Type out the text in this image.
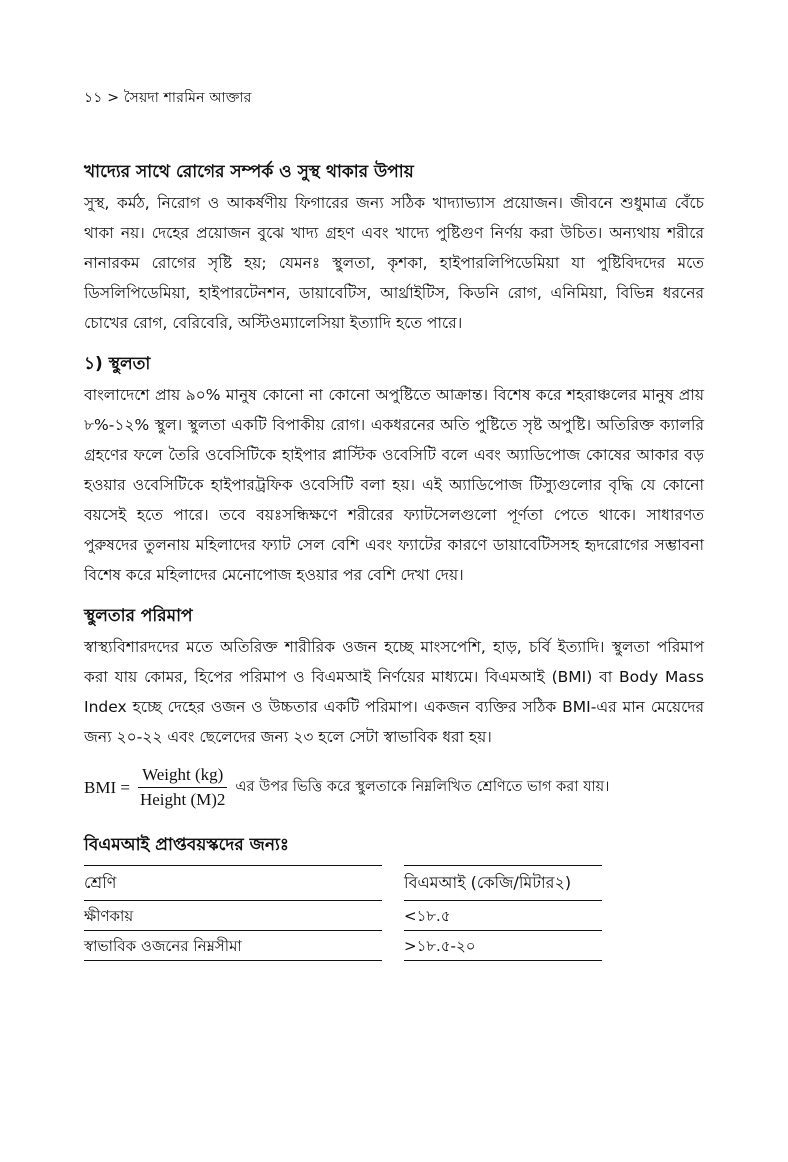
১১ > সৈয়দা শারমিন আক্তার
খাদ্যের সাথে রোগের সম্পর্ক ও সুস্থ থাকার উপায়

সুস্থ, কর্মঠ, নিরোগ ও আকর্ষণীয় ফিগারের জন্য সঠিক খাদ্যাভ্যাস প্রয়োজন। জীবনে শুধুমাত্র বেঁচে থাকা নয়। দেহের প্রয়োজন বুঝে খাদ্য গ্রহণ এবং খাদ্যে পুষ্টিগুণ নির্ণয় করা উচিত। অন্যথায় শরীরে নানারকম রোগের সৃষ্টি হয়; যেমনঃ স্থুলতা, কৃশকা, হাইপারলিপিডেমিয়া যা পুষ্টিবিদদের মতে ডিসলিপিডেমিয়া, হাইপারটেনশন, ডায়াবেটিস, আর্থ্রাইটিস, কিডনি রোগ, এনিমিয়া, বিভিন্ন ধরনের চোখের রোগ, বেরিবেরি, অস্টিওম্যালেসিয়া ইত্যাদি হতে পারে।

১) স্থুলতা

বাংলাদেশে প্রায় ৯০% মানুষ কোনো না কোনো অপুষ্টিতে আক্রান্ত। বিশেষ করে শহরাঞ্চলের মানুষ প্রায় ৮%-১২% স্থুল। স্থুলতা একটি বিপাকীয় রোগ। একধরনের অতি পুষ্টিতে সৃষ্ট অপুষ্টি। অতিরিক্ত ক্যালরি গ্রহণের ফলে তৈরি ওবেসিটিকে হাইপার প্লাস্টিক ওবেসিটি বলে এবং অ্যাডিপোজ কোষের আকার বড় হওয়ার ওবেসিটিকে হাইপারট্রফিক ওবেসিটি বলা হয়। এই অ্যাডিপোজ টিস্যুগুলোর বৃদ্ধি যে কোনো বয়সেই হতে পারে। তবে বয়ঃসন্ধিক্ষণে শরীরের ফ্যাটসেলগুলো পূর্ণতা পেতে থাকে। সাধারণত পুরুষদের তুলনায় মহিলাদের ফ্যাট সেল বেশি এবং ফ্যাটের কারণে ডায়াবেটিসসহ হৃদরোগের সম্ভাবনা বিশেষ করে মহিলাদের মেনোপোজ হওয়ার পর বেশি দেখা দেয়।

স্থুলতার পরিমাপ

স্বাস্থ্যবিশারদদের মতে অতিরিক্ত শারীরিক ওজন হচ্ছে মাংসপেশি, হাড়, চর্বি ইত্যাদি। স্থুলতা পরিমাপ করা যায় কোমর, হিপের পরিমাপ ও বিএমআই নির্ণয়ের মাধ্যমে। বিএমআই (BMI) বা Body Mass Index হচ্ছে দেহের ওজন ও উচ্চতার একটি পরিমাপ। একজন ব্যক্তির সঠিক BMI-এর মান মেয়েদের জন্য ২০-২২ এবং ছেলেদের জন্য ২৩ হলে সেটা স্বাভাবিক ধরা হয়।

BMI = $\frac{\text{Weight (kg)}}{\text{Height (M)2}}$ এর উপর ভিত্তি করে স্থুলতাকে নিম্নলিখিত শ্রেণিতে ভাগ করা যায়।
বিএমআই প্রাপ্তবয়স্কদের জন্যঃ
শ্রেণি		বিএমআই (কেজি/মিটার২)
ক্ষীণকায়		<১৮.৫
স্বাভাবিক ওজনের নিম্নসীমা		>১৮.৫-২০
